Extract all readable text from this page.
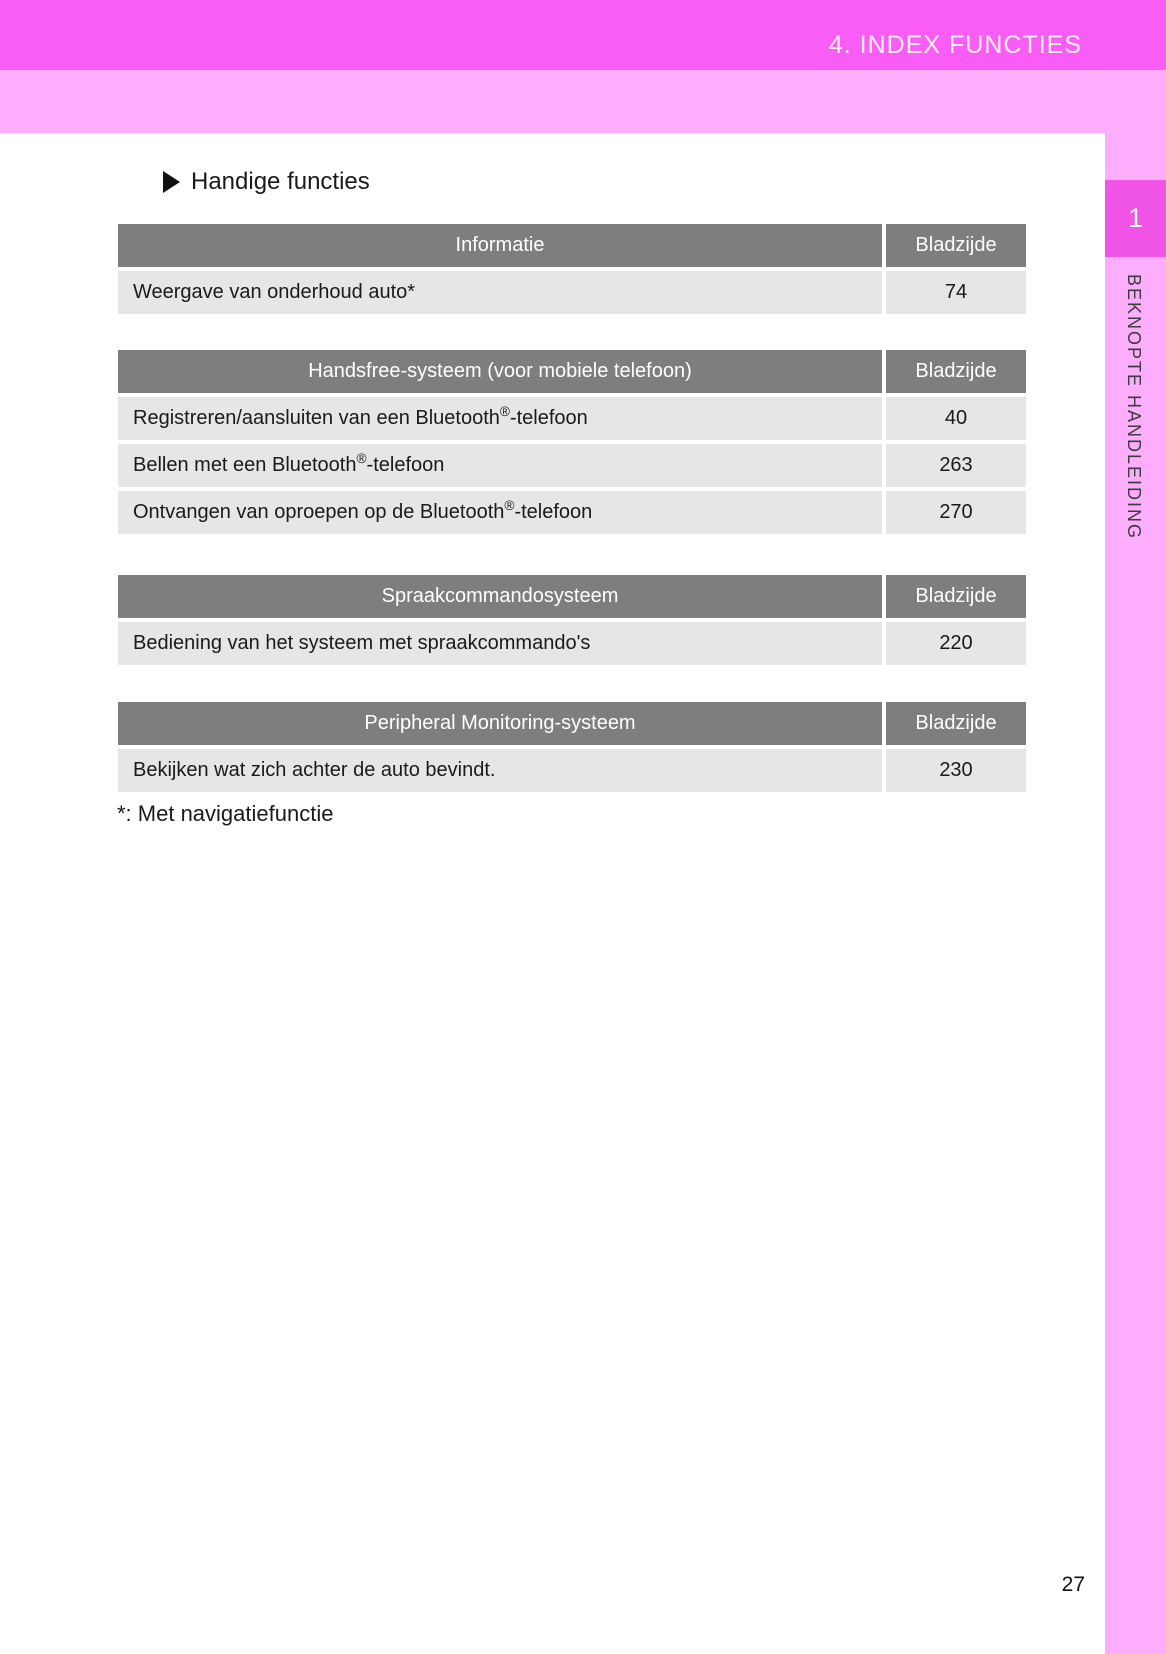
4. INDEX FUNCTIES
1
BEKNOPTE HANDLEIDING
Handige functies
Informatie	Bladzijde
Weergave van onderhoud auto*	74
Handsfree-systeem (voor mobiele telefoon)	Bladzijde
Registreren/aansluiten van een Bluetooth® -telefoon	40
Bellen met een Bluetooth® -telefoon	263
Ontvangen van oproepen op de Bluetooth® -telefoon	270
Spraakcommandosysteem	Bladzijde
Bediening van het systeem met spraakcommando's	220
Peripheral Monitoring-systeem	Bladzijde
Bekijken wat zich achter de auto bevindt.	230
*: Met navigatiefunctie
27
